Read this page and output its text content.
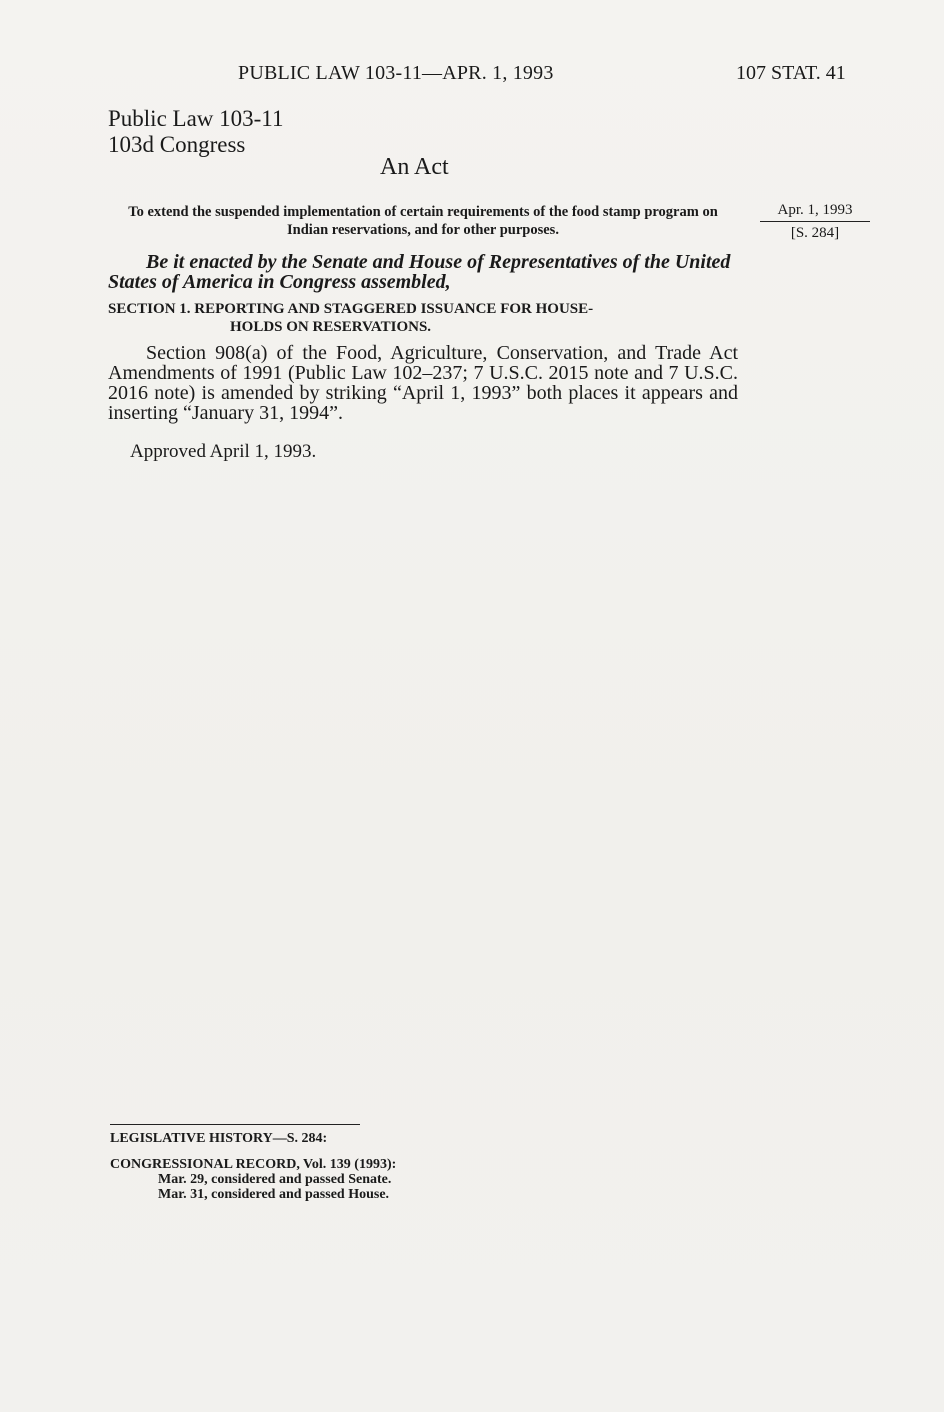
PUBLIC LAW 103-11—APR. 1, 1993	107 STAT. 41
Public Law 103-11
103d Congress
An Act
To extend the suspended implementation of certain requirements of the food stamp program on Indian reservations, and for other purposes.
Apr. 1, 1993
[S. 284]
Be it enacted by the Senate and House of Representatives of the United States of America in Congress assembled,
SECTION 1. REPORTING AND STAGGERED ISSUANCE FOR HOUSE-
HOLDS ON RESERVATIONS.
Section 908(a) of the Food, Agriculture, Conservation, and Trade Act Amendments of 1991 (Public Law 102–237; 7 U.S.C. 2015 note and 7 U.S.C. 2016 note) is amended by striking “April 1, 1993” both places it appears and inserting “January 31, 1994”.
Approved April 1, 1993.
LEGISLATIVE HISTORY—S. 284:
CONGRESSIONAL RECORD, Vol. 139 (1993):
Mar. 29, considered and passed Senate.
Mar. 31, considered and passed House.
